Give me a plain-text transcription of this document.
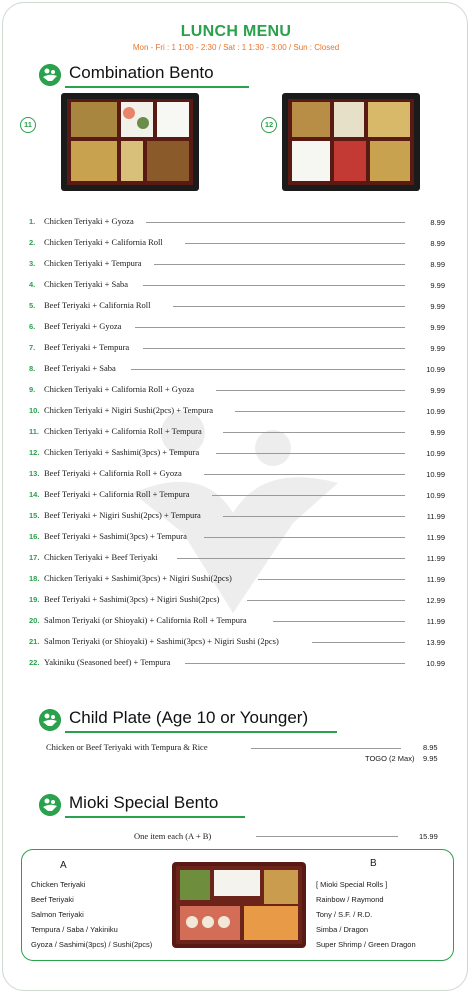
LUNCH MENU
Mon - Fri : 1 1:00 - 2:30 / Sat : 1 1:30 - 3:00 / Sun : Closed
Combination Bento
11	12
1.	Chicken Teriyaki + Gyoza	8.99
2.	Chicken Teriyaki + California Roll	8.99
3.	Chicken Teriyaki + Tempura	8.99
4.	Chicken Teriyaki + Saba	9.99
5.	Beef Teriyaki + California Roll	9.99
6.	Beef Teriyaki + Gyoza	9.99
7.	Beef Teriyaki + Tempura	9.99
8.	Beef Teriyaki + Saba	10.99
9.	Chicken Teriyaki + California Roll + Gyoza	9.99
10. Chicken Teriyaki + Nigiri Sushi(2pcs) + Tempura	10.99
11. Chicken Teriyaki + California Roll + Tempura	9.99
12. Chicken Teriyaki + Sashimi(3pcs) + Tempura	10.99
13. Beef Teriyaki + California Roll + Gyoza	10.99
14. Beef Teriyaki + California Roll + Tempura	10.99
15. Beef Teriyaki + Nigiri Sushi(2pcs) + Tempura	11.99
16. Beef Teriyaki + Sashimi(3pcs) + Tempura	11.99
17. Chicken Teriyaki + Beef Teriyaki	11.99
18. Chicken Teriyaki + Sashimi(3pcs) + Nigiri Sushi(2pcs)	11.99
19. Beef Teriyaki + Sashimi(3pcs) + Nigiri Sushi(2pcs)	12.99
20. Salmon Teriyaki (or Shioyaki) + California Roll + Tempura	11.99
21. Salmon Teriyaki (or Shioyaki) + Sashimi(3pcs) + Nigiri Sushi (2pcs)	13.99
22. Yakiniku (Seasoned beef) + Tempura	10.99
Child Plate (Age 10 or Younger)
Chicken or Beef Teriyaki with Tempura & Rice	8.95
TOGO (2 Max) 9.95
Mioki Special Bento
One item each (A + B)	15.99
A
Chicken Teriyaki
Beef Teriyaki
Salmon Teriyaki
Tempura / Saba / Yakiniku
Gyoza / Sashimi(3pcs) / Sushi(2pcs)
B
[ Mioki Special Rolls ]
Rainbow / Raymond
Tony / S.F. / R.D.
Simba / Dragon
Super Shrimp / Green Dragon
